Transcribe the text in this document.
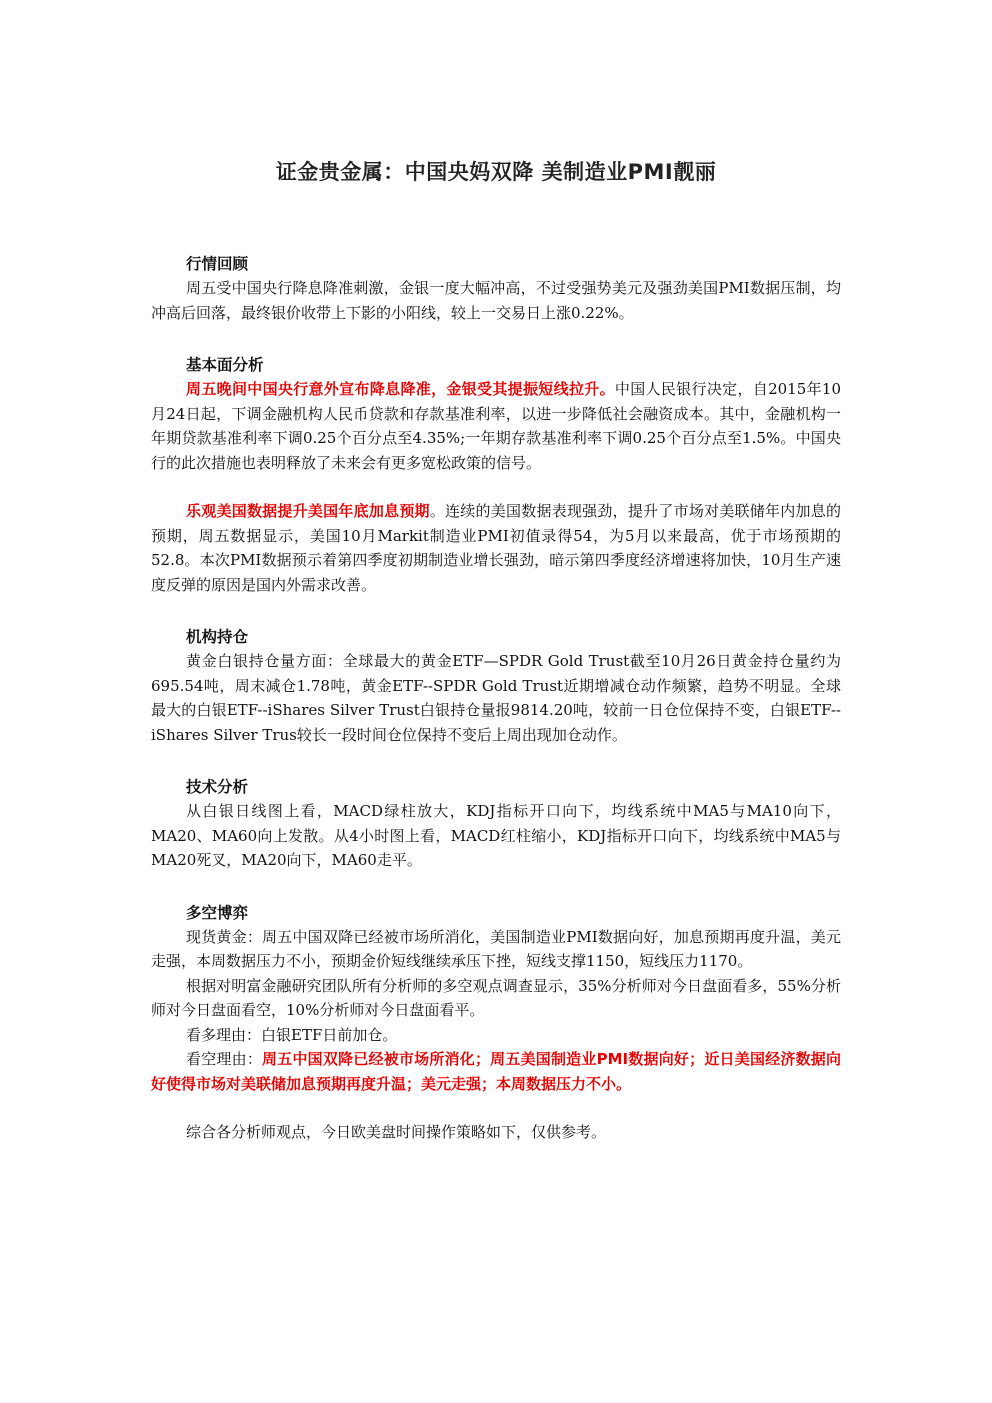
证金贵金属：中国央妈双降 美制造业PMI靓丽
行情回顾

周五受中国央行降息降准刺激，金银一度大幅冲高，不过受强势美元及强劲美国PMI数据压制，均冲高后回落，最终银价收带上下影的小阳线，较上一交易日上涨0.22%。

基本面分析

周五晚间中国央行意外宣布降息降准，金银受其提振短线拉升。中国人民银行决定，自2015年10月24日起，下调金融机构人民币贷款和存款基准利率，以进一步降低社会融资成本。其中，金融机构一年期贷款基准利率下调0.25个百分点至4.35%;一年期存款基准利率下调0.25个百分点至1.5%。中国央行的此次措施也表明释放了未来会有更多宽松政策的信号。

乐观美国数据提升美国年底加息预期。连续的美国数据表现强劲，提升了市场对美联储年内加息的预期，周五数据显示，美国10月Markit制造业PMI初值录得54，为5月以来最高，优于市场预期的52.8。本次PMI数据预示着第四季度初期制造业增长强劲，暗示第四季度经济增速将加快，10月生产速度反弹的原因是国内外需求改善。

机构持仓

黄金白银持仓量方面：全球最大的黄金ETF—SPDR Gold Trust截至10月26日黄金持仓量约为695.54吨，周末减仓1.78吨，黄金ETF--SPDR Gold Trust近期增减仓动作频繁，趋势不明显。全球最大的白银ETF--iShares Silver Trust白银持仓量报9814.20吨，较前一日仓位保持不变，白银ETF--iShares Silver Trus较长一段时间仓位保持不变后上周出现加仓动作。

技术分析

从白银日线图上看，MACD绿柱放大，KDJ指标开口向下，均线系统中MA5与MA10向下，MA20、MA60向上发散。从4小时图上看，MACD红柱缩小，KDJ指标开口向下，均线系统中MA5与MA20死叉，MA20向下，MA60走平。

多空博弈

现货黄金：周五中国双降已经被市场所消化，美国制造业PMI数据向好，加息预期再度升温，美元走强，本周数据压力不小，预期金价短线继续承压下挫，短线支撑1150，短线压力1170。

根据对明富金融研究团队所有分析师的多空观点调查显示，35%分析师对今日盘面看多，55%分析师对今日盘面看空，10%分析师对今日盘面看平。

看多理由：白银ETF日前加仓。

看空理由：周五中国双降已经被市场所消化；周五美国制造业PMI数据向好；近日美国经济数据向好使得市场对美联储加息预期再度升温；美元走强；本周数据压力不小。

综合各分析师观点，今日欧美盘时间操作策略如下，仅供参考。
